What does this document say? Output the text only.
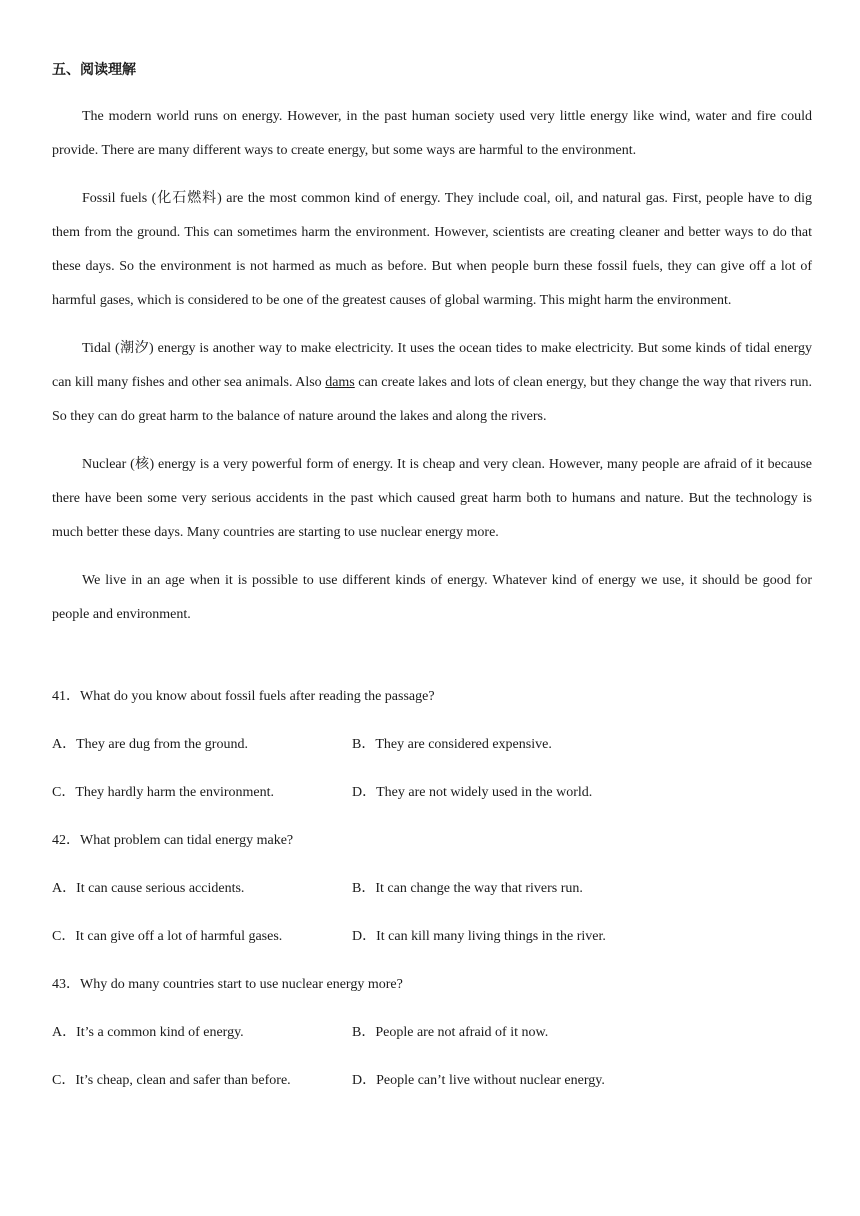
五、阅读理解

The modern world runs on energy. However, in the past human society used very little energy like wind, water and fire could provide. There are many different ways to create energy, but some ways are harmful to the environment.

Fossil fuels (化石燃料) are the most common kind of energy. They include coal, oil, and natural gas. First, people have to dig them from the ground. This can sometimes harm the environment. However, scientists are creating cleaner and better ways to do that these days. So the environment is not harmed as much as before. But when people burn these fossil fuels, they can give off a lot of harmful gases, which is considered to be one of the greatest causes of global warming. This might harm the environment.

Tidal (潮汐) energy is another way to make electricity. It uses the ocean tides to make electricity. But some kinds of tidal energy can kill many fishes and other sea animals. Also dams can create lakes and lots of clean energy, but they change the way that rivers run. So they can do great harm to the balance of nature around the lakes and along the rivers.

Nuclear (核) energy is a very powerful form of energy. It is cheap and very clean. However, many people are afraid of it because there have been some very serious accidents in the past which caused great harm both to humans and nature. But the technology is much better these days. Many countries are starting to use nuclear energy more.

We live in an age when it is possible to use different kinds of energy. Whatever kind of energy we use, it should be good for people and environment.

41．What do you know about fossil fuels after reading the passage?
A．They are dug from the ground.	B．They are considered expensive.
C．They hardly harm the environment.	D．They are not widely used in the world.
42．What problem can tidal energy make?
A．It can cause serious accidents.	B．It can change the way that rivers run.
C．It can give off a lot of harmful gases.	D．It can kill many living things in the river.
43．Why do many countries start to use nuclear energy more?
A．It’s a common kind of energy.	B．People are not afraid of it now.
C．It’s cheap, clean and safer than before.	D．People can’t live without nuclear energy.
